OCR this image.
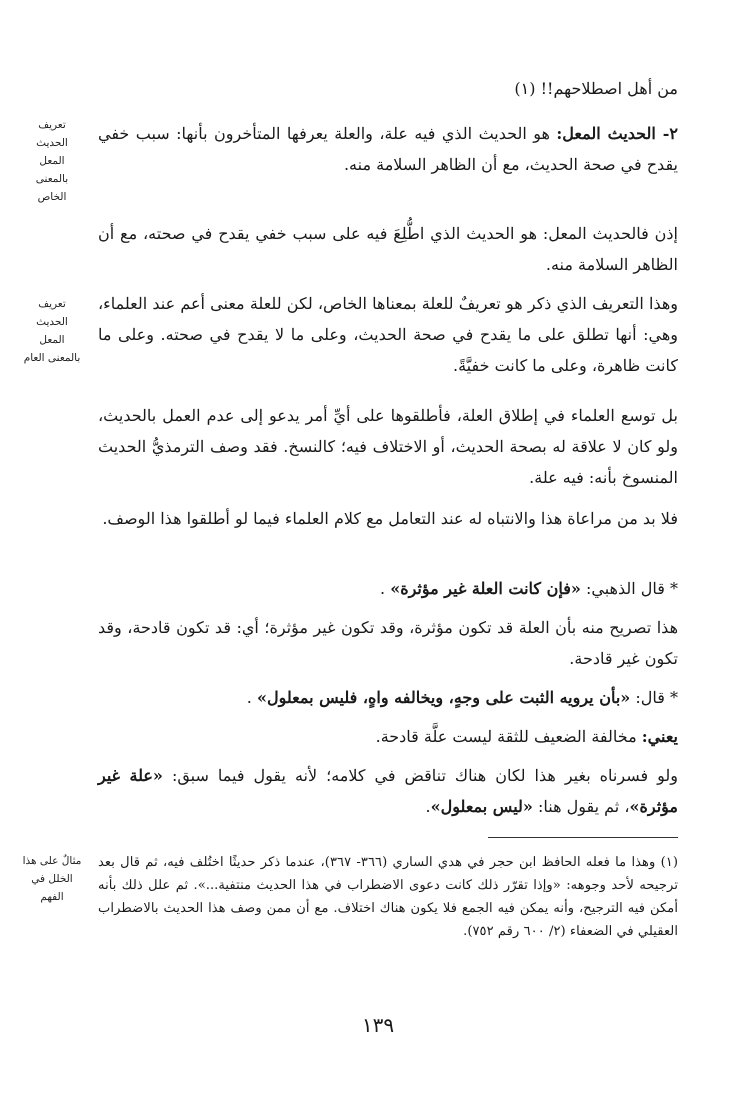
من أهل اصطلاحهم!! (١)

٢- الحديث المعل: هو الحديث الذي فيه علة، والعلة يعرفها المتأخرون بأنها: سبب خفي يقدح في صحة الحديث، مع أن الظاهر السلامة منه.

إذن فالحديث المعل: هو الحديث الذي اطُّلِعَ فيه على سبب خفي يقدح في صحته، مع أن الظاهر السلامة منه.

وهذا التعريف الذي ذكر هو تعريفٌ للعلة بمعناها الخاص، لكن للعلة معنى أعم عند العلماء، وهي: أنها تطلق على ما يقدح في صحة الحديث، وعلى ما لا يقدح في صحته. وعلى ما كانت ظاهرة، وعلى ما كانت خفيَّةً.

بل توسع العلماء في إطلاق العلة، فأطلقوها على أيِّ أمر يدعو إلى عدم العمل بالحديث، ولو كان لا علاقة له بصحة الحديث، أو الاختلاف فيه؛ كالنسخ. فقد وصف الترمذيُّ الحديث المنسوخ بأنه: فيه علة.

فلا بد من مراعاة هذا والانتباه له عند التعامل مع كلام العلماء فيما لو أطلقوا هذا الوصف.

* قال الذهبي: «فإن كانت العلة غير مؤثرة» .

هذا تصريح منه بأن العلة قد تكون مؤثرة، وقد تكون غير مؤثرة؛ أي: قد تكون قادحة، وقد تكون غير قادحة.

* قال: «بأن يرويه الثبت على وجهٍ، ويخالفه واهٍ، فليس بمعلول» .

يعني: مخالفة الضعيف للثقة ليست علَّة قادحة.

ولو فسرناه بغير هذا لكان هناك تناقض في كلامه؛ لأنه يقول فيما سبق: «علة غير مؤثرة»، ثم يقول هنا: «ليس بمعلول».

تعريف
الحديث المعل
بالمعنى
الخاص
تعريف
الحديث المعل
بالمعنى العام
مثالٌ على هذا
الخلل في
الفهم

(١) وهذا ما فعله الحافظ ابن حجر في هدي الساري (٣٦٦- ٣٦٧)، عندما ذكر حديثًا اختُلف فيه، ثم قال بعد ترجيحه لأحد وجوهه: «وإذا تقرّر ذلك كانت دعوى الاضطراب في هذا الحديث منتفية...». ثم علل ذلك بأنه أمكن فيه الترجيح، وأنه يمكن فيه الجمع فلا يكون هناك اختلاف. مع أن ممن وصف هذا الحديث بالاضطراب العقيلي في الضعفاء (٢/ ٦٠٠ رقم ٧٥٢).

١٣٩
